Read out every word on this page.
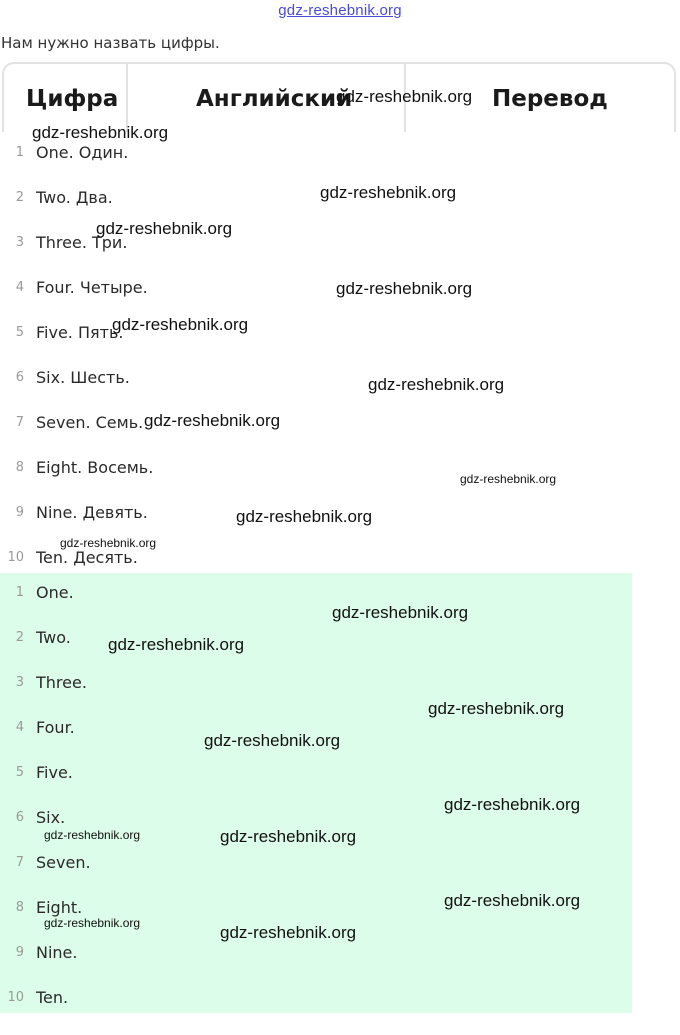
gdz-reshebnik.org
Нам нужно назвать цифры.
Цифра	Английский	Перевод
1 One. Один.
2 Two. Два.
3 Three. Три.
4 Four. Четыре.
5 Five. Пять.
6 Six. Шесть.
7 Seven. Семь.
8 Eight. Восемь.
9 Nine. Девять.
10 Ten. Десять.
1 One.
2 Two.
3 Three.
4 Four.
5 Five.
6 Six.
7 Seven.
8 Eight.
9 Nine.
10 Ten.
gdz-reshebnik.org
gdz-reshebnik.org
gdz-reshebnik.org
gdz-reshebnik.org
gdz-reshebnik.org
gdz-reshebnik.org
gdz-reshebnik.org
gdz-reshebnik.org
gdz-reshebnik.org
gdz-reshebnik.org
gdz-reshebnik.org
gdz-reshebnik.org
gdz-reshebnik.org
gdz-reshebnik.org
gdz-reshebnik.org
gdz-reshebnik.org
gdz-reshebnik.org	gdz-reshebnik.org
gdz-reshebnik.org
gdz-reshebnik.org	gdz-reshebnik.org
